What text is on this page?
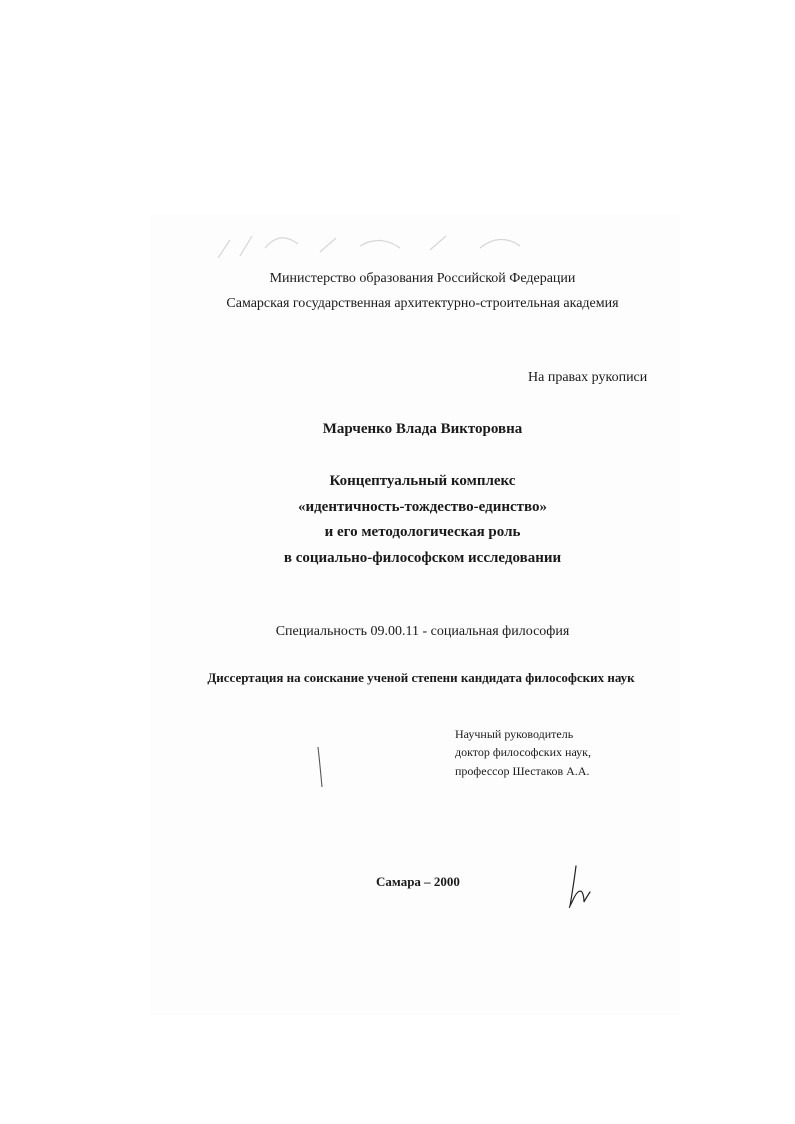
Министерство образования Российской Федерации
Самарская государственная архитектурно-строительная академия
На правах рукописи
Марченко Влада Викторовна
Концептуальный комплекс
«идентичность-тождество-единство»
и его методологическая роль
в социально-философском исследовании
Специальность 09.00.11 - социальная философия
Диссертация на соискание ученой степени кандидата философских наук
Научный руководитель
доктор философских наук,
профессор Шестаков А.А.
Самара – 2000
